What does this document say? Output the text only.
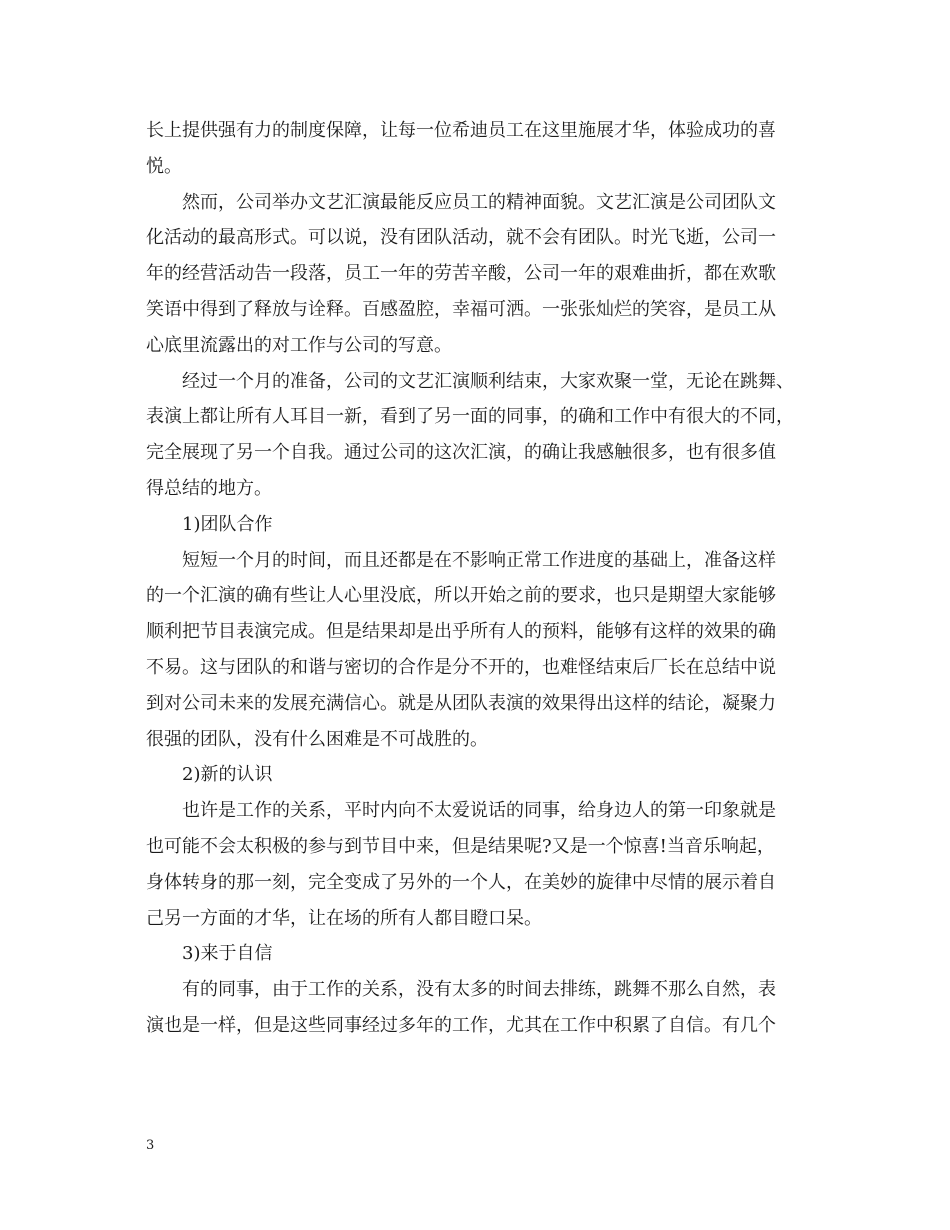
长上提供强有力的制度保障，让每一位希迪员工在这里施展才华，体验成功的喜
悦。
然而，公司举办文艺汇演最能反应员工的精神面貌。文艺汇演是公司团队文
化活动的最高形式。可以说，没有团队活动，就不会有团队。时光飞逝，公司一
年的经营活动告一段落，员工一年的劳苦辛酸，公司一年的艰难曲折，都在欢歌
笑语中得到了释放与诠释。百感盈腔，幸福可洒。一张张灿烂的笑容，是员工从
心底里流露出的对工作与公司的写意。
经过一个月的准备，公司的文艺汇演顺利结束，大家欢聚一堂，无论在跳舞、
表演上都让所有人耳目一新，看到了另一面的同事，的确和工作中有很大的不同，
完全展现了另一个自我。通过公司的这次汇演，的确让我感触很多，也有很多值
得总结的地方。
1)团队合作
短短一个月的时间，而且还都是在不影响正常工作进度的基础上，准备这样
的一个汇演的确有些让人心里没底，所以开始之前的要求，也只是期望大家能够
顺利把节目表演完成。但是结果却是出乎所有人的预料，能够有这样的效果的确
不易。这与团队的和谐与密切的合作是分不开的，也难怪结束后厂长在总结中说
到对公司未来的发展充满信心。就是从团队表演的效果得出这样的结论，凝聚力
很强的团队，没有什么困难是不可战胜的。
2)新的认识
也许是工作的关系，平时内向不太爱说话的同事，给身边人的第一印象就是
也可能不会太积极的参与到节目中来，但是结果呢?又是一个惊喜!当音乐响起，
身体转身的那一刻，完全变成了另外的一个人，在美妙的旋律中尽情的展示着自
己另一方面的才华，让在场的所有人都目瞪口呆。
3)来于自信
有的同事，由于工作的关系，没有太多的时间去排练，跳舞不那么自然，表
演也是一样，但是这些同事经过多年的工作，尤其在工作中积累了自信。有几个
3
